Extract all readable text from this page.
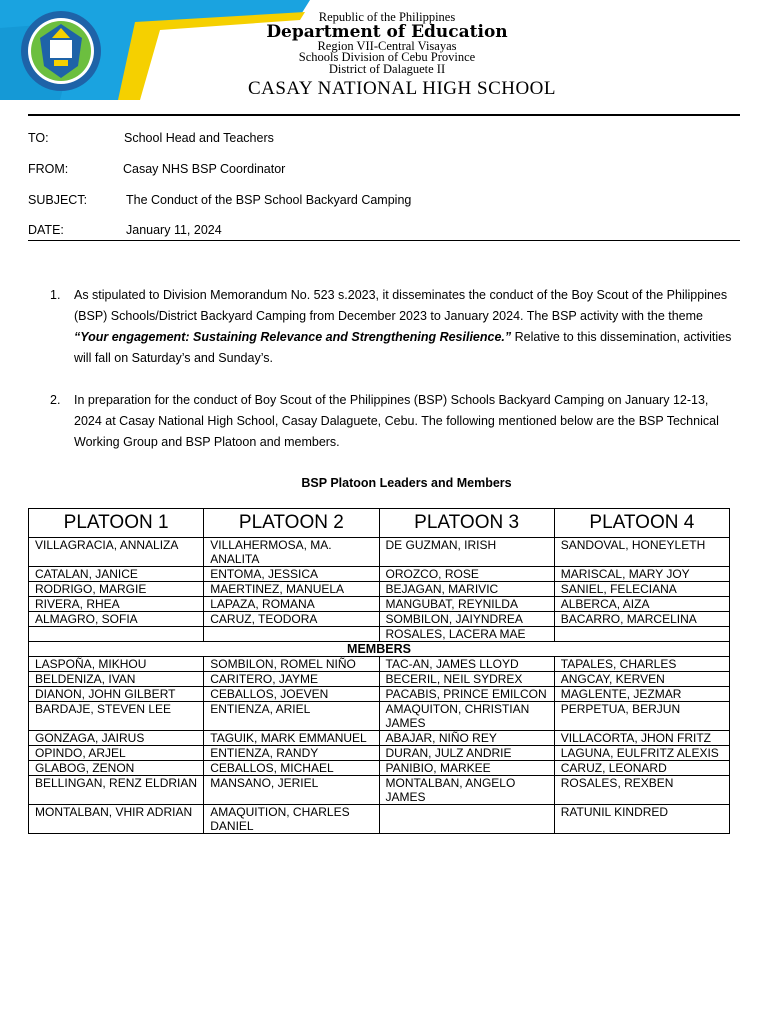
Republic of the Philippines
Department of Education
Region VII-Central Visayas
Schools Division of Cebu Province
District of Dalaguete II
CASAY NATIONAL HIGH SCHOOL
TO:	School Head and Teachers
FROM:	Casay NHS BSP Coordinator
SUBJECT:	The Conduct of the BSP School Backyard Camping
DATE:	January 11, 2024
1. As stipulated to Division Memorandum No. 523 s.2023, it disseminates the conduct of the Boy Scout of the Philippines (BSP) Schools/District Backyard Camping from December 2023 to January 2024. The BSP activity with the theme “Your engagement: Sustaining Relevance and Strengthening Resilience.” Relative to this dissemination, activities will fall on Saturday’s and Sunday’s.
2. In preparation for the conduct of Boy Scout of the Philippines (BSP) Schools Backyard Camping on January 12-13, 2024 at Casay National High School, Casay Dalaguete, Cebu. The following mentioned below are the BSP Technical Working Group and BSP Platoon and members.
BSP Platoon Leaders and Members
PLATOON 1	PLATOON 2	PLATOON 3	PLATOON 4
VILLAGRACIA, ANNALIZA	VILLAHERMOSA, MA. ANALITA	DE GUZMAN, IRISH	SANDOVAL, HONEYLETH
CATALAN, JANICE	ENTOMA, JESSICA	OROZCO, ROSE	MARISCAL, MARY JOY
RODRIGO, MARGIE	MAERTINEZ, MANUELA	BEJAGAN, MARIVIC	SANIEL, FELECIANA
RIVERA, RHEA	LAPAZA, ROMANA	MANGUBAT, REYNILDA	ALBERCA, AIZA
ALMAGRO, SOFIA	CARUZ, TEODORA	SOMBILON, JAIYNDREA	BACARRO, MARCELINA
		ROSALES, LACERA MAE	
MEMBERS			
LASPOÑA, MIKHOU	SOMBILON, ROMEL NIÑO	TAC-AN, JAMES LLOYD	TAPALES, CHARLES
BELDENIZA, IVAN	CARITERO, JAYME	BECERIL, NEIL SYDREX	ANGCAY, KERVEN
DIANON, JOHN GILBERT	CEBALLOS, JOEVEN	PACABIS, PRINCE EMILCON	MAGLENTE, JEZMAR
BARDAJE, STEVEN LEE	ENTIENZA, ARIEL	AMAQUITON, CHRISTIAN JAMES	PERPETUA, BERJUN
GONZAGA, JAIRUS	TAGUIK, MARK EMMANUEL	ABAJAR, NIÑO REY	VILLACORTA, JHON FRITZ
OPINDO, ARJEL	ENTIENZA, RANDY	DURAN, JULZ ANDRIE	LAGUNA, EULFRITZ ALEXIS
GLABOG, ZENON	CEBALLOS, MICHAEL	PANIBIO, MARKEE	CARUZ, LEONARD
BELLINGAN, RENZ ELDRIAN	MANSANO, JERIEL	MONTALBAN, ANGELO JAMES	ROSALES, REXBEN
MONTALBAN, VHIR ADRIAN	AMAQUITION, CHARLES DANIEL		RATUNIL KINDRED
